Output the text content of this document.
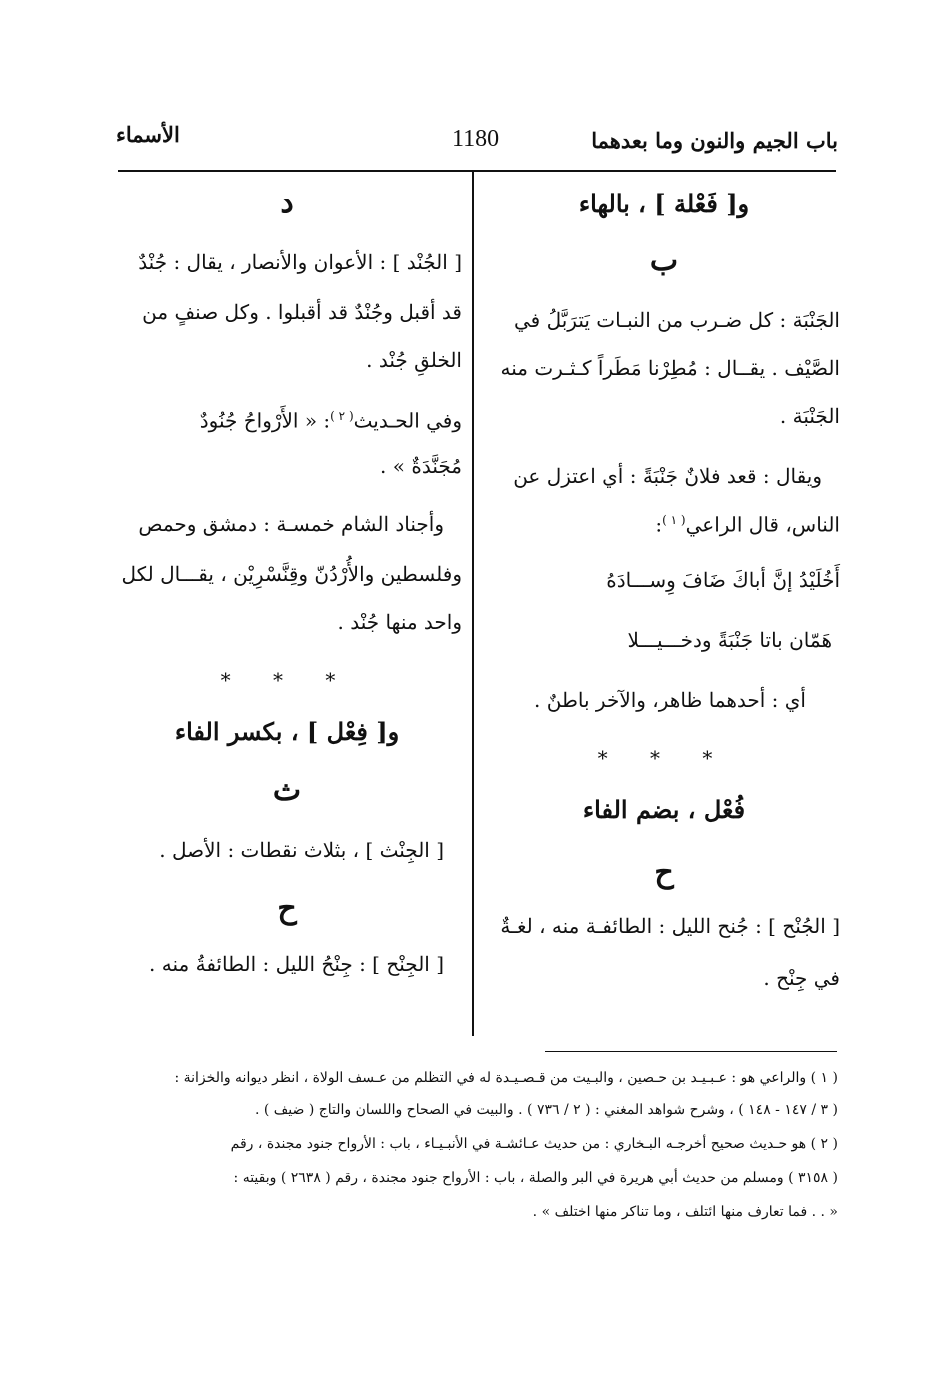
باب الجيم والنون وما بعدهما
1180
الأسماء
و[ فَعْلة ] ، بالهاء
ب
الجَنْبَة : كل ضـرب من النبـات يَترَبَّلُ في
الصَّيْف . يقــال : مُطِرْنا مَطَراً كـثـرت منه
الجَنْبَة .
ويقال : قعد فلانٌ جَنْبَةً : أي اعتزل عن
الناس، قال الراعي$^{( ١ )}$:
أَخُلَيْدُ إنَّ أباكَ ضَافَ وِســـادَهُ
هَمّان باتا جَنْبَةً ودخـــيـــلا
أي : أحدهما ظاهر، والآخر باطنٌ .
* * *
فُعْل ، بضم الفاء
ح
[ الجُنْح ] : جُنح الليل : الطائفـة منه ، لغـةٌ
في جِنْح .
د
[ الجُنْد ] : الأعوان والأنصار ، يقال : جُنْدٌ
قد أقبل وجُنْدٌ قد أقبلوا . وكل صنفٍ من
الخلقِ جُنْد .
وفي الحـديث$^{( ٢ )}$: « الأَرْواحُ جُنُودٌ
مُجَنَّدَةٌ » .
وأجناد الشام خمسـة : دمشق وحمص
وفلسطين والأُرْدُنّ وقِنَّسْرِيْن ، يقـــال لكل
واحد منها جُنْد .
* * *
و[ فِعْل ] ، بكسر الفاء
ث
[ الجِنْث ] ، بثلاث نقطات : الأصل .
ح
[ الجِنْح ] : جِنْحُ الليل : الطائفةُ منه .
( ١ ) والراعي هو : عـبـيـد بن حـصين ، والبـيت من قـصـيـدة له في التظلم من عـسف الولاة ، انظر ديوانه والخزانة :
( ٣ / ١٤٧ - ١٤٨ ) ، وشرح شواهد المغني : ( ٢ / ٧٣٦ ) . والبيت في الصحاح واللسان والتاج ( ضيف ) .
( ٢ ) هو حـديث صحيح أخرجـه البـخاري : من حديث عـائشـة في الأنبـيـاء ، باب : الأرواح جنود مجندة ، رقم
( ٣١٥٨ ) ومسلم من حديث أبي هريرة في البر والصلة ، باب : الأرواح جنود مجندة ، رقم ( ٢٦٣٨ ) وبقيته :
« . . فما تعارف منها ائتلف ، وما تناكر منها اختلف » .
